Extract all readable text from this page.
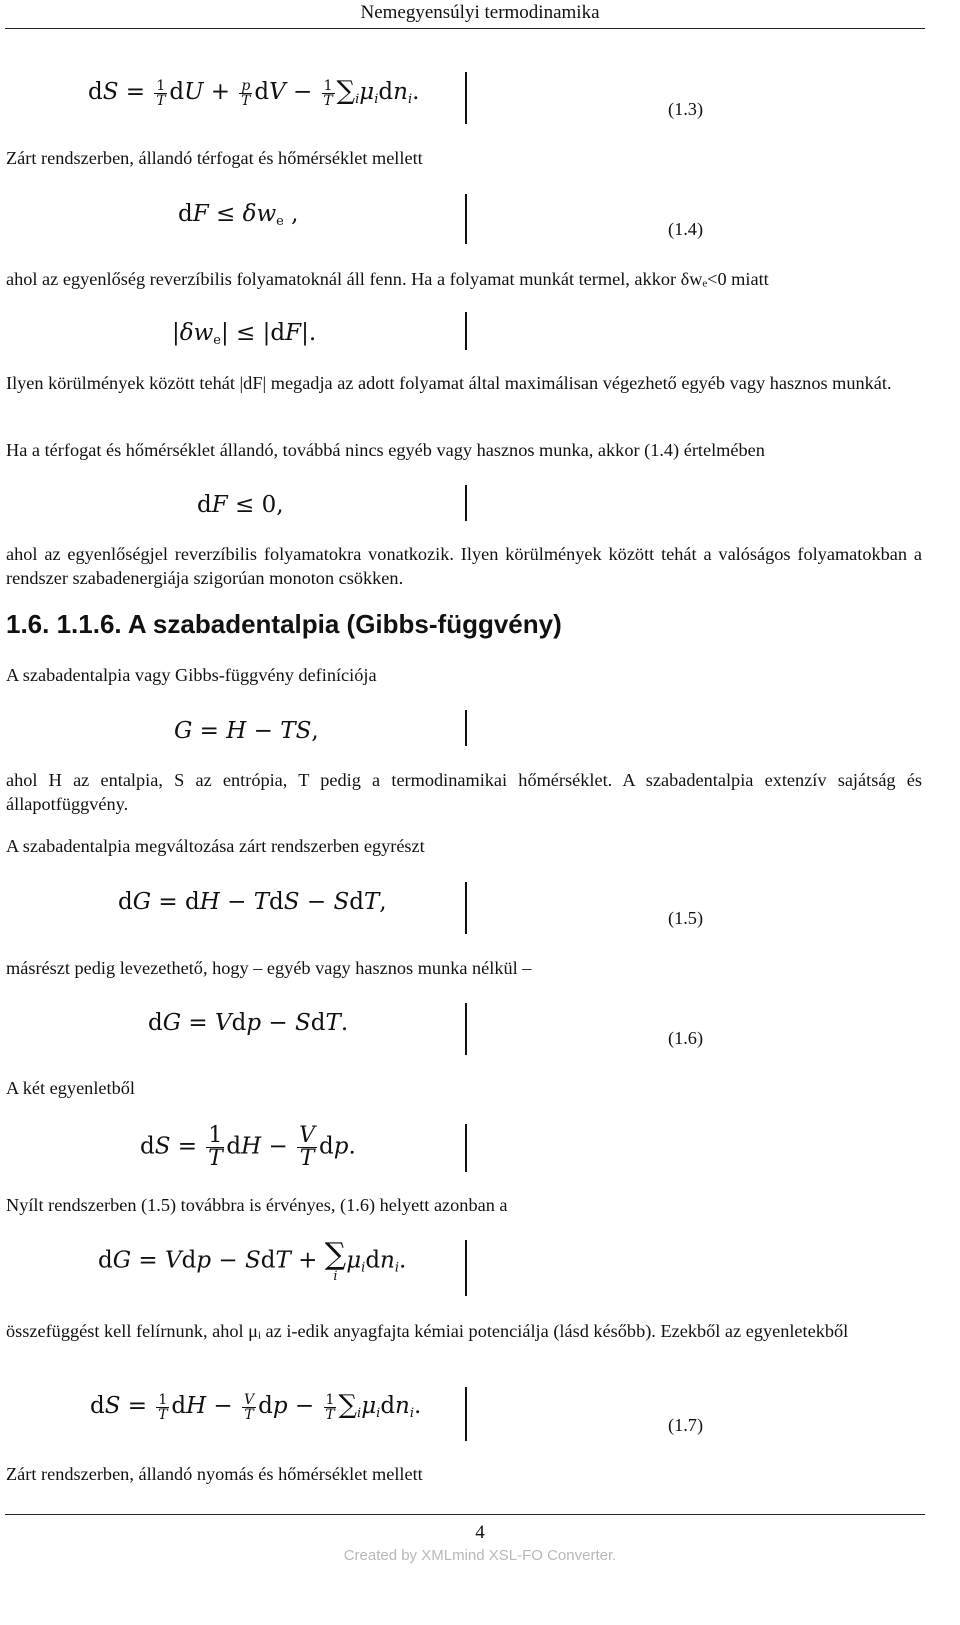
Nemegyensúlyi termodinamika
dS = $\frac{1}{T}$ dU + $\frac{p}{T}$ dV − $\frac{1}{T} \sum_i\mu_idn_i$.
(1.3)
Zárt rendszerben, állandó térfogat és hőmérséklet mellett
dF ≤ $\delta w_e$ ,
(1.4)
ahol az egyenlőség reverzíbilis folyamatoknál áll fenn. Ha a folyamat munkát termel, akkor δwₑ<0 miatt
$|\delta w_e| \le |dF|$.
Ilyen körülmények között tehát |dF| megadja az adott folyamat által maximálisan végezhető egyéb vagy hasznos munkát.
Ha a térfogat és hőmérséklet állandó, továbbá nincs egyéb vagy hasznos munka, akkor (1.4) értelmében
dF ≤ 0,
ahol az egyenlőségjel reverzíbilis folyamatokra vonatkozik. Ilyen körülmények között tehát a valóságos folyamatokban a rendszer szabadenergiája szigorúan monoton csökken.
1.6. 1.1.6. A szabadentalpia (Gibbs-függvény)
A szabadentalpia vagy Gibbs-függvény definíciója
G = H − TS,
ahol H az entalpia, S az entrópia, T pedig a termodinamikai hőmérséklet. A szabadentalpia extenzív sajátság és állapotfüggvény.
A szabadentalpia megváltozása zárt rendszerben egyrészt
dG = dH − TdS − SdT,
(1.5)
másrészt pedig levezethető, hogy – egyéb vagy hasznos munka nélkül –
dG = Vdp − SdT.
(1.6)
A két egyenletből
dS = $\frac{1}{T}$ dH − $\frac{V}{T}$ dp.
Nyílt rendszerben (1.5) továbbra is érvényes, (1.6) helyett azonban a
dG = Vdp − SdT + ∑
i
$\mu_idn_i$.
összefüggést kell felírnunk, ahol μᵢ az i-edik anyagfajta kémiai potenciálja (lásd később). Ezekből az egyenletekből
dS = $\frac{1}{T}$ dH − $\frac{V}{T}$ dp − $\frac{1}{T} \sum_i\mu_idn_i$.
(1.7)
Zárt rendszerben, állandó nyomás és hőmérséklet mellett
4
Created by XMLmind XSL-FO Converter.
